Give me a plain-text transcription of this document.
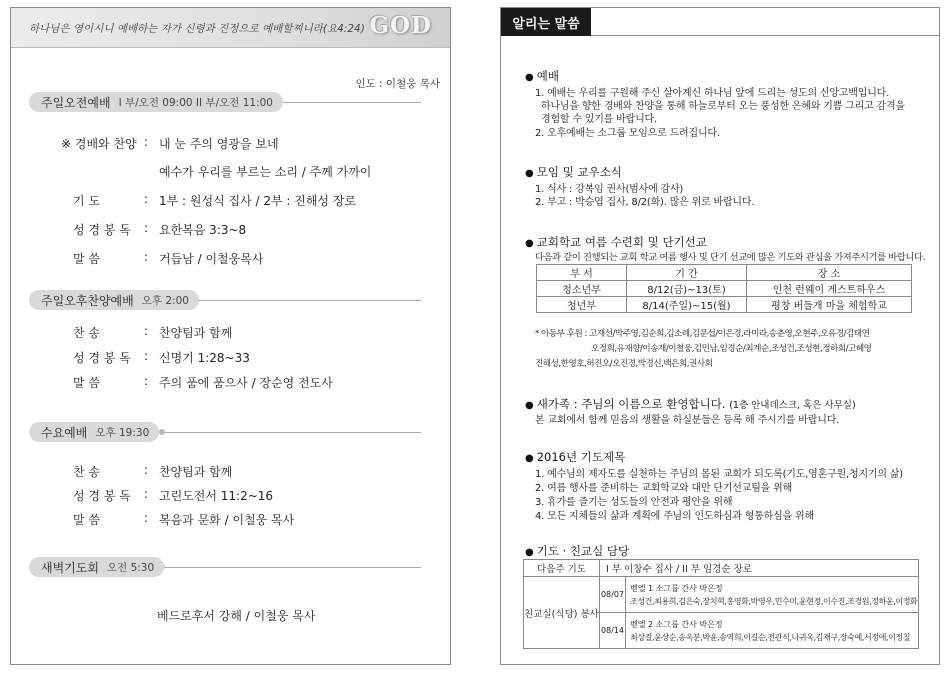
하나님은 영이시니 예배하는 자가 신령과 진정으로 예배할찌니라(요4:24) GOD
인도 : 이철웅 목사
주일오전예배 I 부/오전 09:00 II 부/오전 11:00
※ 경배와 찬양 : 내 눈 주의 영광을 보네
예수가 우리를 부르는 소리 / 주께 가까이
기 도	: 1부 : 원성식 집사 / 2부 : 진해성 장로
성 경 봉 독 : 요한복음 3:3~8
말 씀	: 거듭남 / 이철웅목사
주일오후찬양예배 오후 2:00
찬 송	: 찬양팀과 함께
성 경 봉 독 : 신명기 1:28~33
말 씀	: 주의 품에 품으사 / 장순영 전도사
수요예배 오후 19:30
찬 송	: 찬양팀과 함께
성 경 봉 독 : 고린도전서 11:2~16
말 씀	: 복음과 문화 / 이철웅 목사
새벽기도회 오전 5:30
베드로후서 강해 / 이철웅 목사
알리는 말씀
● 예배
1. 예배는 우리를 구원해 주신 살아계신 하나님 앞에 드리는 성도의 신앙고백입니다.
하나님을 향한 경배와 찬양을 통해 하늘로부터 오는 풍성한 은혜와 기쁨 그리고 감격을
경험할 수 있기를 바랍니다.
2. 오후예배는 소그룹 모임으로 드려집니다.
● 모임 및 교우소식
1. 식사 : 강복임 권사(범사에 감사)
2. 부고 : 박승엽 집사, 8/2(화). 많은 위로 바랍니다.
● 교회학교 여름 수련회 및 단기선교
다음과 같이 진행되는 교회 학교 여름 행사 및 단기 선교에 많은 기도와 관심을 가져주시기를 바랍니다.
부 서	기 간	장 소
청소년부	8/12(금)~13(토)	인천 런웨이 게스트하우스
청년부	8/14(주일)~15(월)	평창 버들개 마을 체험학교
* 아동부 후원 : 고재선/박주영,김순희,김소례,김문섭/이은경,라미라,송춘영,오현주,오유경/김태연
오정희,유재향/이송재/이철웅,김민남,임경순/최계순,조성건,조성현,정하회/고혜영
진해성,한영호,허진오/오진경,박경신,백은희,권사회
● 새가족 : 주님의 이름으로 환영합니다. (1층 안내데스크, 혹은 사무실)
본 교회에서 함께 믿음의 생활을 하실분들은 등록 해 주시기를 바랍니다.
● 2016년 기도제목
1. 예수님의 제자도를 실천하는 주님의 몸된 교회가 되도록(기도,영혼구원,청지기의 삶)
2. 여름 행사를 준비하는 교회학교와 대만 단기선교팀을 위해
3. 휴가를 즐기는 성도들의 안전과 평안을 위해
4. 모든 지체들의 삶과 계획에 주님의 인도하심과 형통하심을 위해
● 기도 · 친교실 담당
다음주 기도	I 부 이창수 집사 / II 부 임경순 장로	
친교실(식당) 봉사	08/07	벧엘 1 소그룹 간사 박은정
조성건,최용희,김은숙,장치혁,홍영화,박영우,민수미,윤현정,이수진,조경원,정하윤,이정화

	08/14	벧엘 2 소그룹 간사 박은정
최상걸,윤상순,송옥분,박윤,송역희,이길순,전관식,나귀옥,김재구,장숙예,서정애,이정칠
